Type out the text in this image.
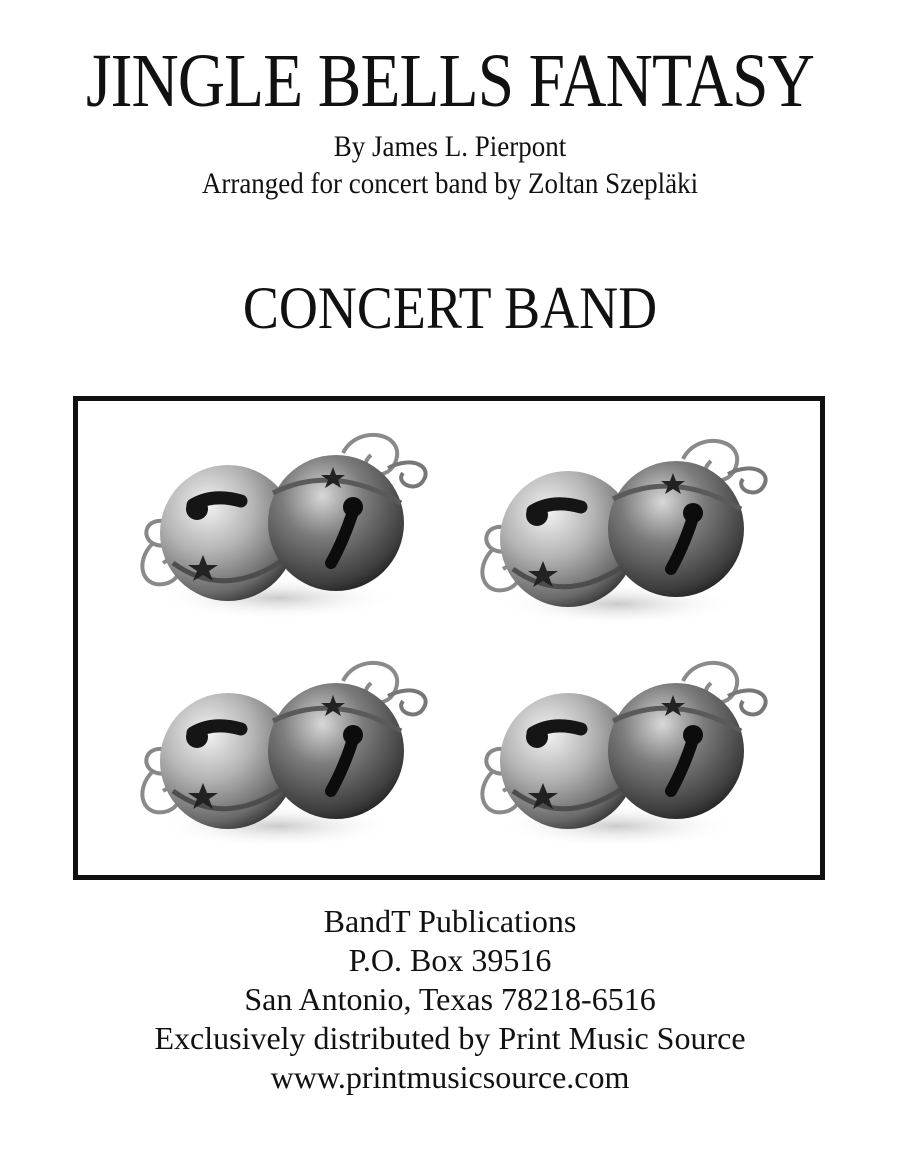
JINGLE BELLS FANTASY
By James L. Pierpont
Arranged for concert band by Zoltan Szepläki
CONCERT BAND
BandT Publications
P.O. Box 39516
San Antonio, Texas 78218-6516
Exclusively distributed by Print Music Source
www.printmusicsource.com
